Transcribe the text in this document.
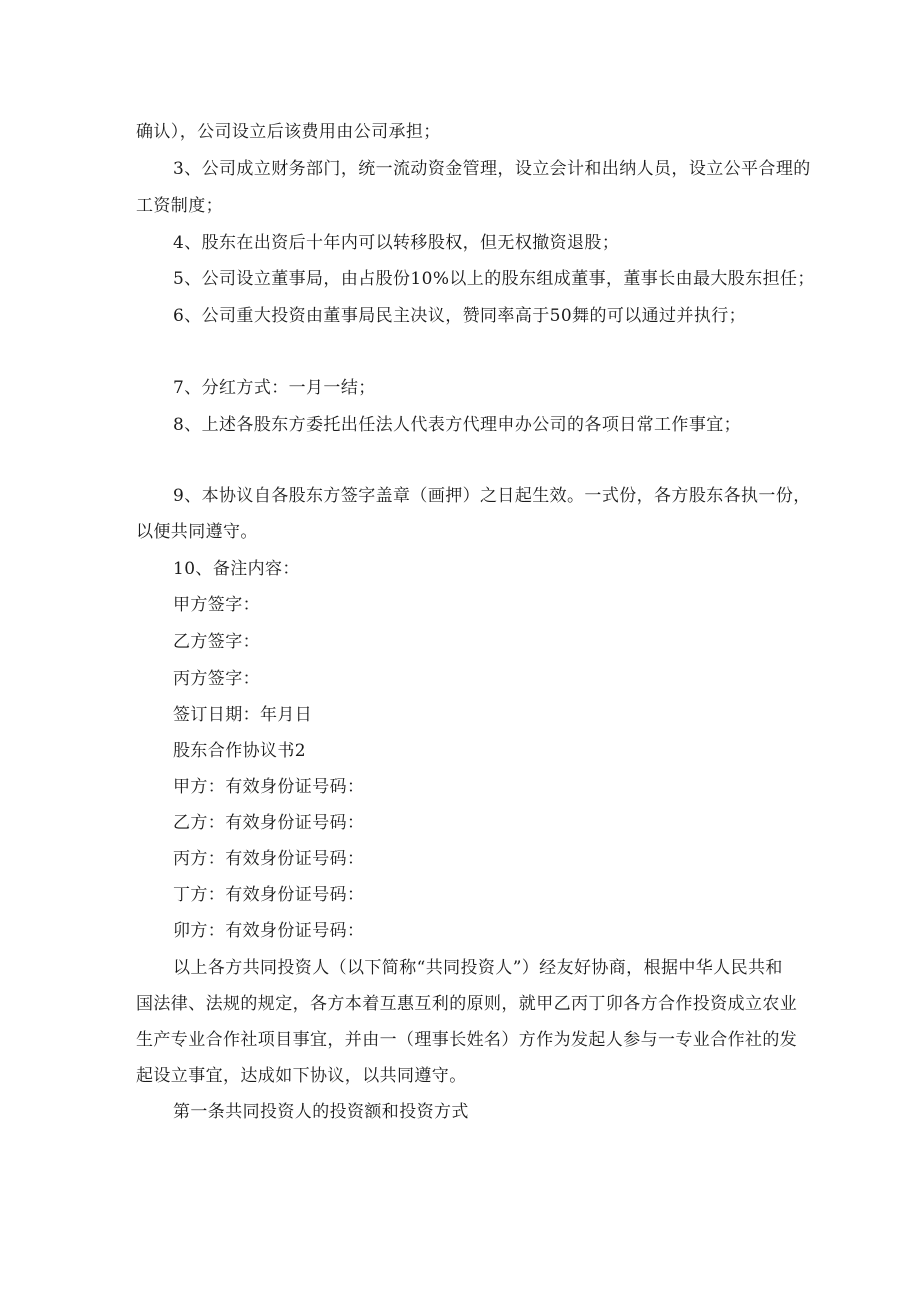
确认），公司设立后该费用由公司承担；
3、公司成立财务部门，统一流动资金管理，设立会计和出纳人员，设立公平合理的
工资制度；
4、股东在出资后十年内可以转移股权，但无权撤资退股；
5、公司设立董事局，由占股份10%以上的股东组成董事，董事长由最大股东担任；
6、公司重大投资由董事局民主决议，赞同率高于50舞的可以通过并执行；
7、分红方式：一月一结；
8、上述各股东方委托出任法人代表方代理申办公司的各项日常工作事宜；
9、本协议自各股东方签字盖章（画押）之日起生效。一式份，各方股东各执一份，
以便共同遵守。
10、备注内容：
甲方签字：
乙方签字：
丙方签字：
签订日期：年月日
股东合作协议书2
甲方：有效身份证号码：
乙方：有效身份证号码：
丙方：有效身份证号码：
丁方：有效身份证号码：
卯方：有效身份证号码：
以上各方共同投资人（以下简称“共同投资人”）经友好协商，根据中华人民共和
国法律、法规的规定，各方本着互惠互利的原则，就甲乙丙丁卯各方合作投资成立农业
生产专业合作社项目事宜，并由一（理事长姓名）方作为发起人参与一专业合作社的发
起设立事宜，达成如下协议，以共同遵守。
第一条共同投资人的投资额和投资方式
